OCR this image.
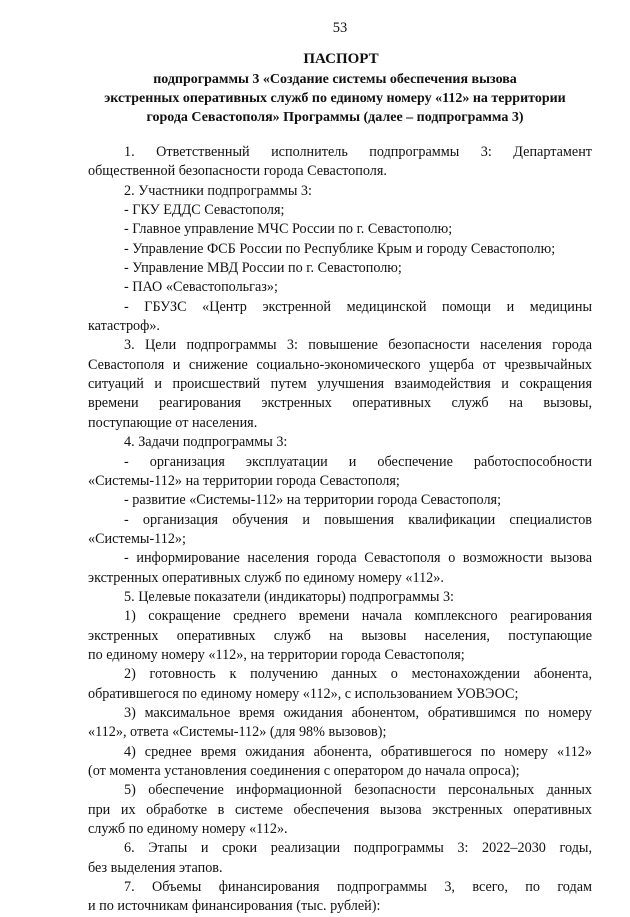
53
ПАСПОРТ
подпрограммы 3 «Создание системы обеспечения вызова
экстренных оперативных служб по единому номеру «112» на территории
города Севастополя» Программы (далее – подпрограмма 3)
1. Ответственный исполнитель подпрограммы 3: Департамент
общественной безопасности города Севастополя.
2. Участники подпрограммы 3:
- ГКУ ЕДДС Севастополя;
- Главное управление МЧС России по г. Севастополю;
- Управление ФСБ России по Республике Крым и городу Севастополю;
- Управление МВД России по г. Севастополю;
- ПАО «Севастопольгаз»;
- ГБУЗС «Центр экстренной медицинской помощи и медицины
катастроф».
3. Цели подпрограммы 3: повышение безопасности населения города
Севастополя и снижение социально-экономического ущерба от чрезвычайных
ситуаций и происшествий путем улучшения взаимодействия и сокращения
времени реагирования экстренных оперативных служб на вызовы,
поступающие от населения.
4. Задачи подпрограммы 3:
- организация эксплуатации и обеспечение работоспособности
«Системы-112» на территории города Севастополя;
- развитие «Системы-112» на территории города Севастополя;
- организация обучения и повышения квалификации специалистов
«Системы-112»;
- информирование населения города Севастополя о возможности вызова
экстренных оперативных служб по единому номеру «112».
5. Целевые показатели (индикаторы) подпрограммы 3:
1) сокращение среднего времени начала комплексного реагирования
экстренных оперативных служб на вызовы населения, поступающие
по единому номеру «112», на территории города Севастополя;
2) готовность к получению данных о местонахождении абонента,
обратившегося по единому номеру «112», с использованием УОВЭОС;
3) максимальное время ожидания абонентом, обратившимся по номеру
«112», ответа «Системы-112» (для 98% вызовов);
4) среднее время ожидания абонента, обратившегося по номеру «112»
(от момента установления соединения с оператором до начала опроса);
5) обеспечение информационной безопасности персональных данных
при их обработке в системе обеспечения вызова экстренных оперативных
служб по единому номеру «112».
6. Этапы и сроки реализации подпрограммы 3: 2022–2030 годы,
без выделения этапов.
7. Объемы финансирования подпрограммы 3, всего, по годам
и по источникам финансирования (тыс. рублей):
